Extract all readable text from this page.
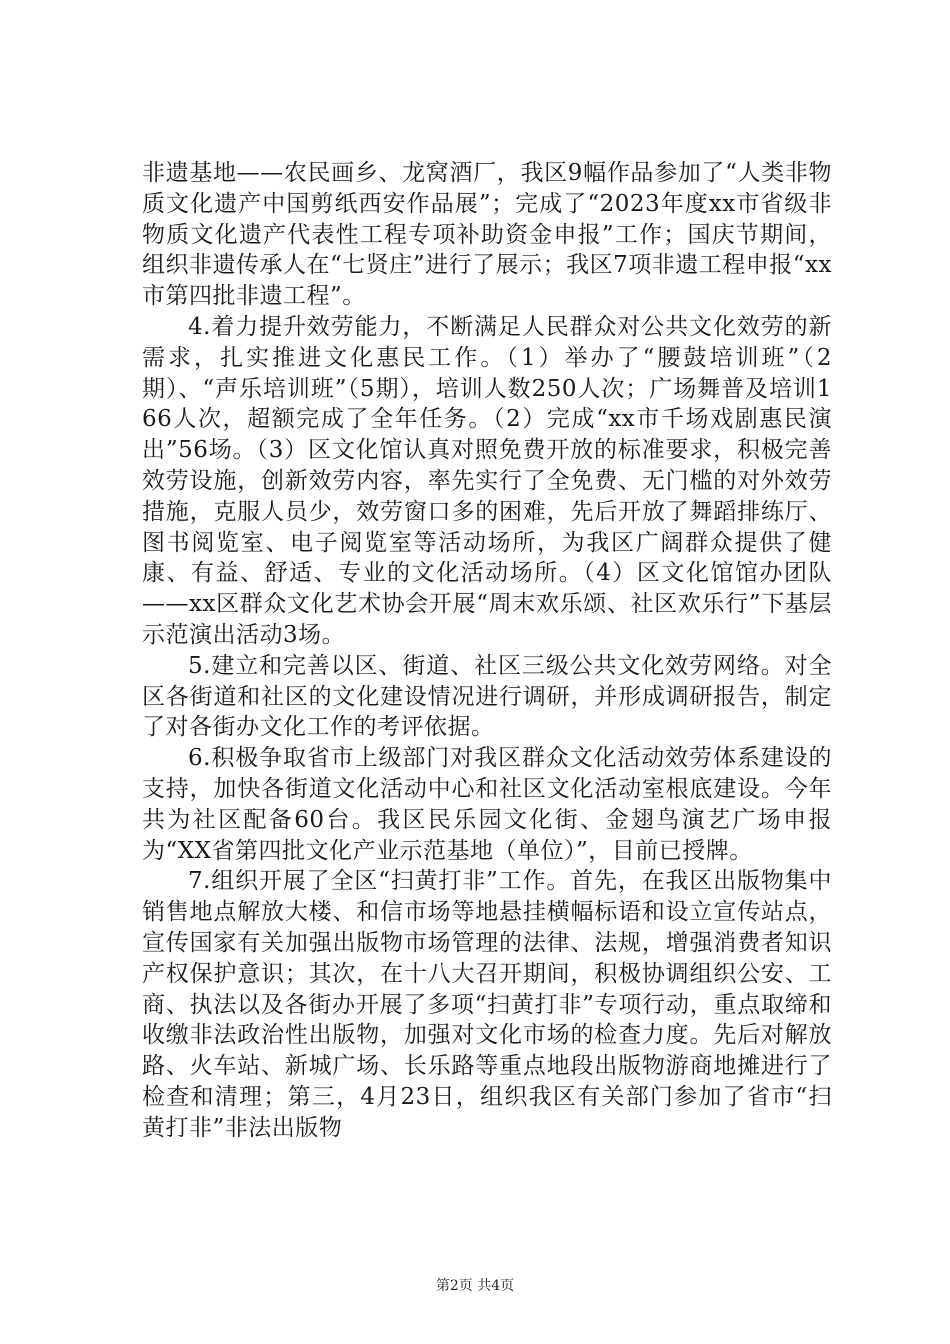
非遗基地——农民画乡、龙窝酒厂，我区9幅作品参加了“人类非物质文化遗产中国剪纸西安作品展”；完成了“2023年度xx市省级非物质文化遗产代表性工程专项补助资金申报”工作；国庆节期间，组织非遗传承人在“七贤庄”进行了展示；我区7项非遗工程申报“xx市第四批非遗工程”。

4.着力提升效劳能力，不断满足人民群众对公共文化效劳的新需求，扎实推进文化惠民工作。（1）举办了“腰鼓培训班”（2期）、“声乐培训班”（5期），培训人数250人次；广场舞普及培训166人次，超额完成了全年任务。（2）完成“xx市千场戏剧惠民演出”56场。（3）区文化馆认真对照免费开放的标准要求，积极完善效劳设施，创新效劳内容，率先实行了全免费、无门槛的对外效劳措施，克服人员少，效劳窗口多的困难，先后开放了舞蹈排练厅、图书阅览室、电子阅览室等活动场所，为我区广阔群众提供了健康、有益、舒适、专业的文化活动场所。（4）区文化馆馆办团队——xx区群众文化艺术协会开展“周末欢乐颂、社区欢乐行”下基层示范演出活动3场。

5.建立和完善以区、街道、社区三级公共文化效劳网络。对全区各街道和社区的文化建设情况进行调研，并形成调研报告，制定了对各街办文化工作的考评依据。

6.积极争取省市上级部门对我区群众文化活动效劳体系建设的支持，加快各街道文化活动中心和社区文化活动室根底建设。今年共为社区配备60台。我区民乐园文化街、金翅鸟演艺广场申报为“XX省第四批文化产业示范基地（单位）”，目前已授牌。

7.组织开展了全区“扫黄打非”工作。首先，在我区出版物集中销售地点解放大楼、和信市场等地悬挂横幅标语和设立宣传站点，宣传国家有关加强出版物市场管理的法律、法规，增强消费者知识产权保护意识；其次，在十八大召开期间，积极协调组织公安、工商、执法以及各街办开展了多项“扫黄打非”专项行动，重点取缔和收缴非法政治性出版物，加强对文化市场的检查力度。先后对解放路、火车站、新城广场、长乐路等重点地段出版物游商地摊进行了检查和清理；第三，4月23日，组织我区有关部门参加了省市“扫黄打非”非法出版物

第2页 共4页
